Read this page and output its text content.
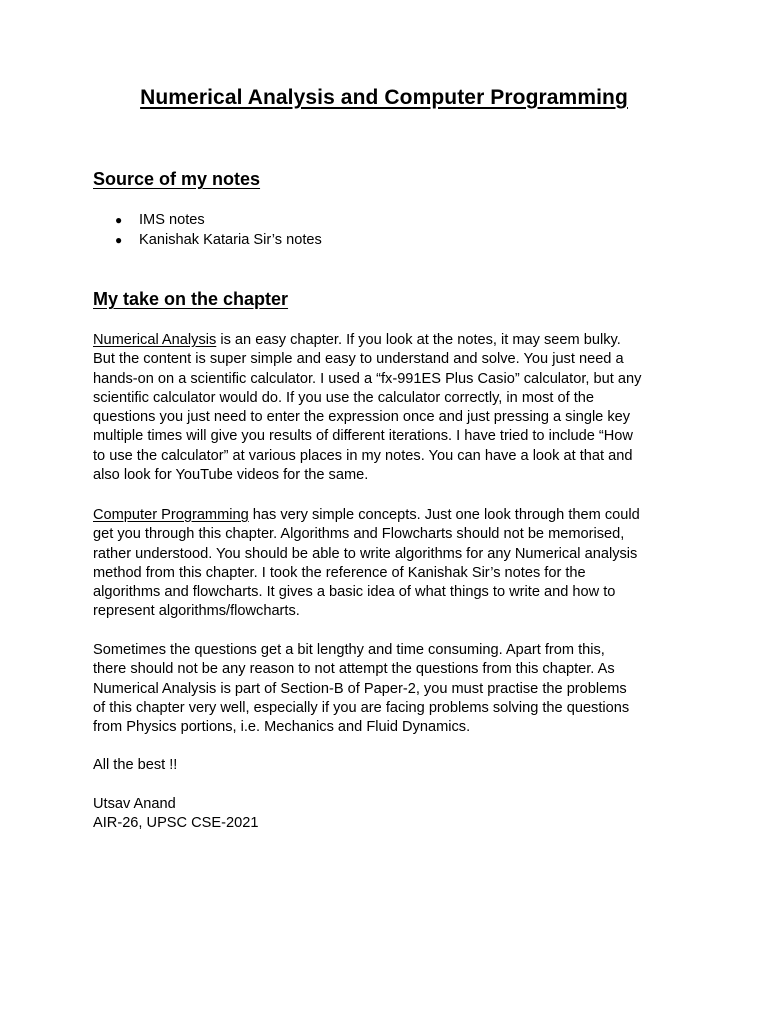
Numerical Analysis and Computer Programming
Source of my notes
● IMS notes
● Kanishak Kataria Sir’s notes
My take on the chapter

Numerical Analysis is an easy chapter. If you look at the notes, it may seem bulky.
But the content is super simple and easy to understand and solve. You just need a
hands-on on a scientific calculator. I used a “fx-991ES Plus Casio” calculator, but any
scientific calculator would do. If you use the calculator correctly, in most of the
questions you just need to enter the expression once and just pressing a single key
multiple times will give you results of different iterations. I have tried to include “How
to use the calculator” at various places in my notes. You can have a look at that and
also look for YouTube videos for the same.

Computer Programming has very simple concepts. Just one look through them could
get you through this chapter. Algorithms and Flowcharts should not be memorised,
rather understood. You should be able to write algorithms for any Numerical analysis
method from this chapter. I took the reference of Kanishak Sir’s notes for the
algorithms and flowcharts. It gives a basic idea of what things to write and how to
represent algorithms/flowcharts.

Sometimes the questions get a bit lengthy and time consuming. Apart from this,
there should not be any reason to not attempt the questions from this chapter. As
Numerical Analysis is part of Section-B of Paper-2, you must practise the problems
of this chapter very well, especially if you are facing problems solving the questions
from Physics portions, i.e. Mechanics and Fluid Dynamics.

All the best !!

Utsav Anand

AIR-26, UPSC CSE-2021
